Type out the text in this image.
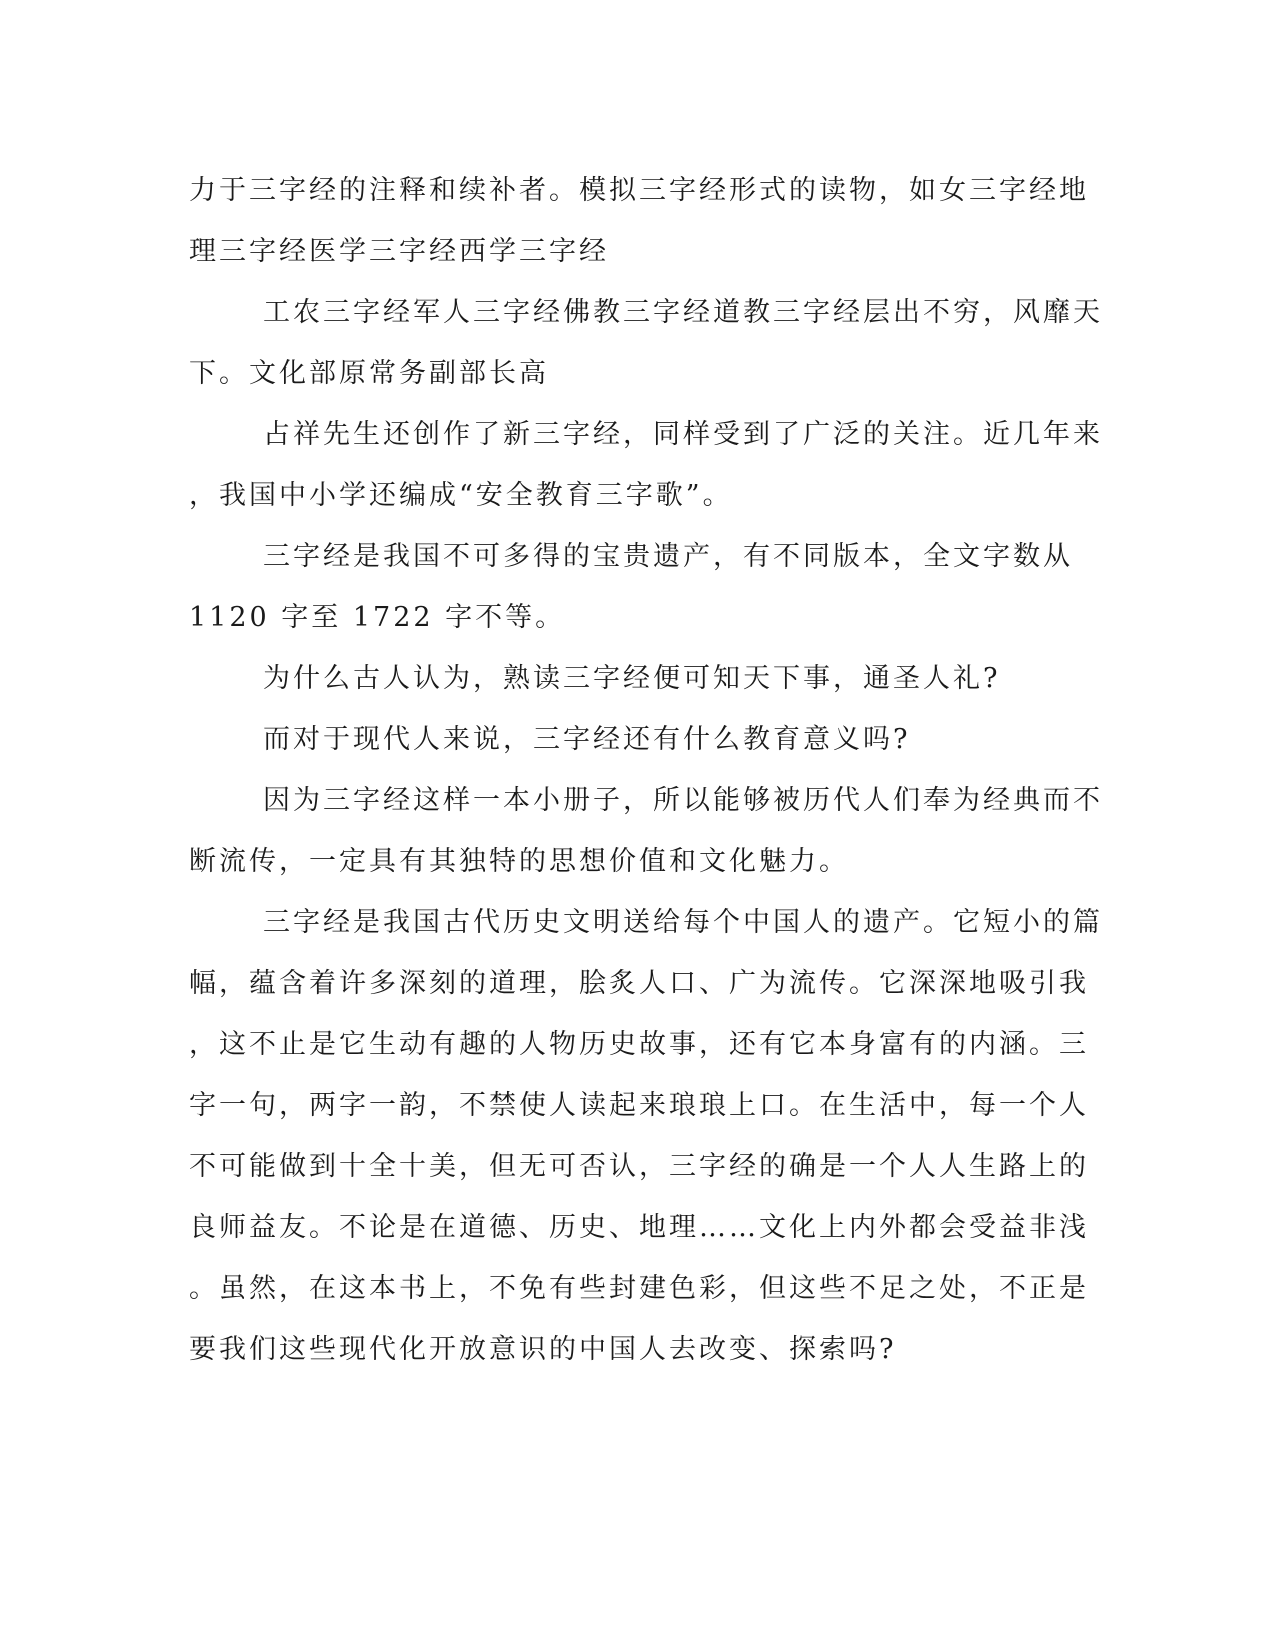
力于三字经的注释和续补者。模拟三字经形式的读物，如女三字经地
理三字经医学三字经西学三字经

工农三字经军人三字经佛教三字经道教三字经层出不穷，风靡天
下。文化部原常务副部长高

占祥先生还创作了新三字经，同样受到了广泛的关注。近几年来
，我国中小学还编成“安全教育三字歌”。

三字经是我国不可多得的宝贵遗产，有不同版本，全文字数从
1120 字至 1722 字不等。

为什么古人认为，熟读三字经便可知天下事，通圣人礼?

而对于现代人来说，三字经还有什么教育意义吗?

因为三字经这样一本小册子，所以能够被历代人们奉为经典而不
断流传，一定具有其独特的思想价值和文化魅力。

三字经是我国古代历史文明送给每个中国人的遗产。它短小的篇
幅，蕴含着许多深刻的道理，脍炙人口、广为流传。它深深地吸引我
，这不止是它生动有趣的人物历史故事，还有它本身富有的内涵。三
字一句，两字一韵，不禁使人读起来琅琅上口。在生活中，每一个人
不可能做到十全十美，但无可否认，三字经的确是一个人人生路上的
良师益友。不论是在道德、历史、地理……文化上内外都会受益非浅
。虽然，在这本书上，不免有些封建色彩，但这些不足之处，不正是
要我们这些现代化开放意识的中国人去改变、探索吗?
